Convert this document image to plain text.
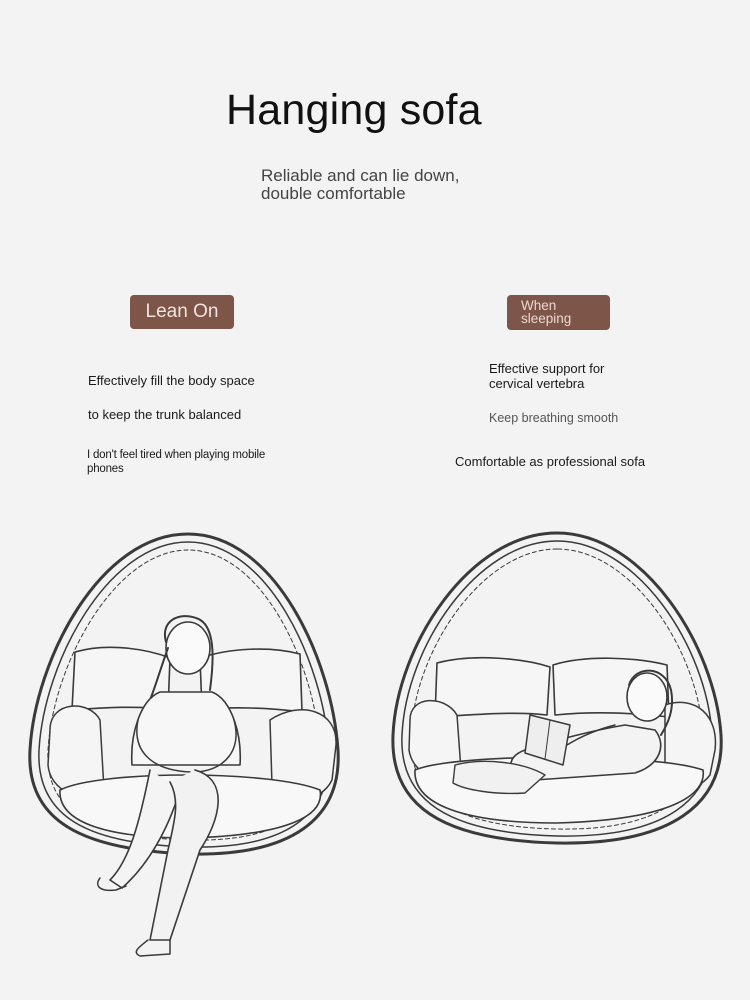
Hanging sofa
Reliable and can lie down,
double comfortable
Lean On	When
sleeping
Effectively fill the body space
to keep the trunk balanced
I don't feel tired when playing mobile phones
Effective support for cervical vertebra
Keep breathing smooth
Comfortable as professional sofa
